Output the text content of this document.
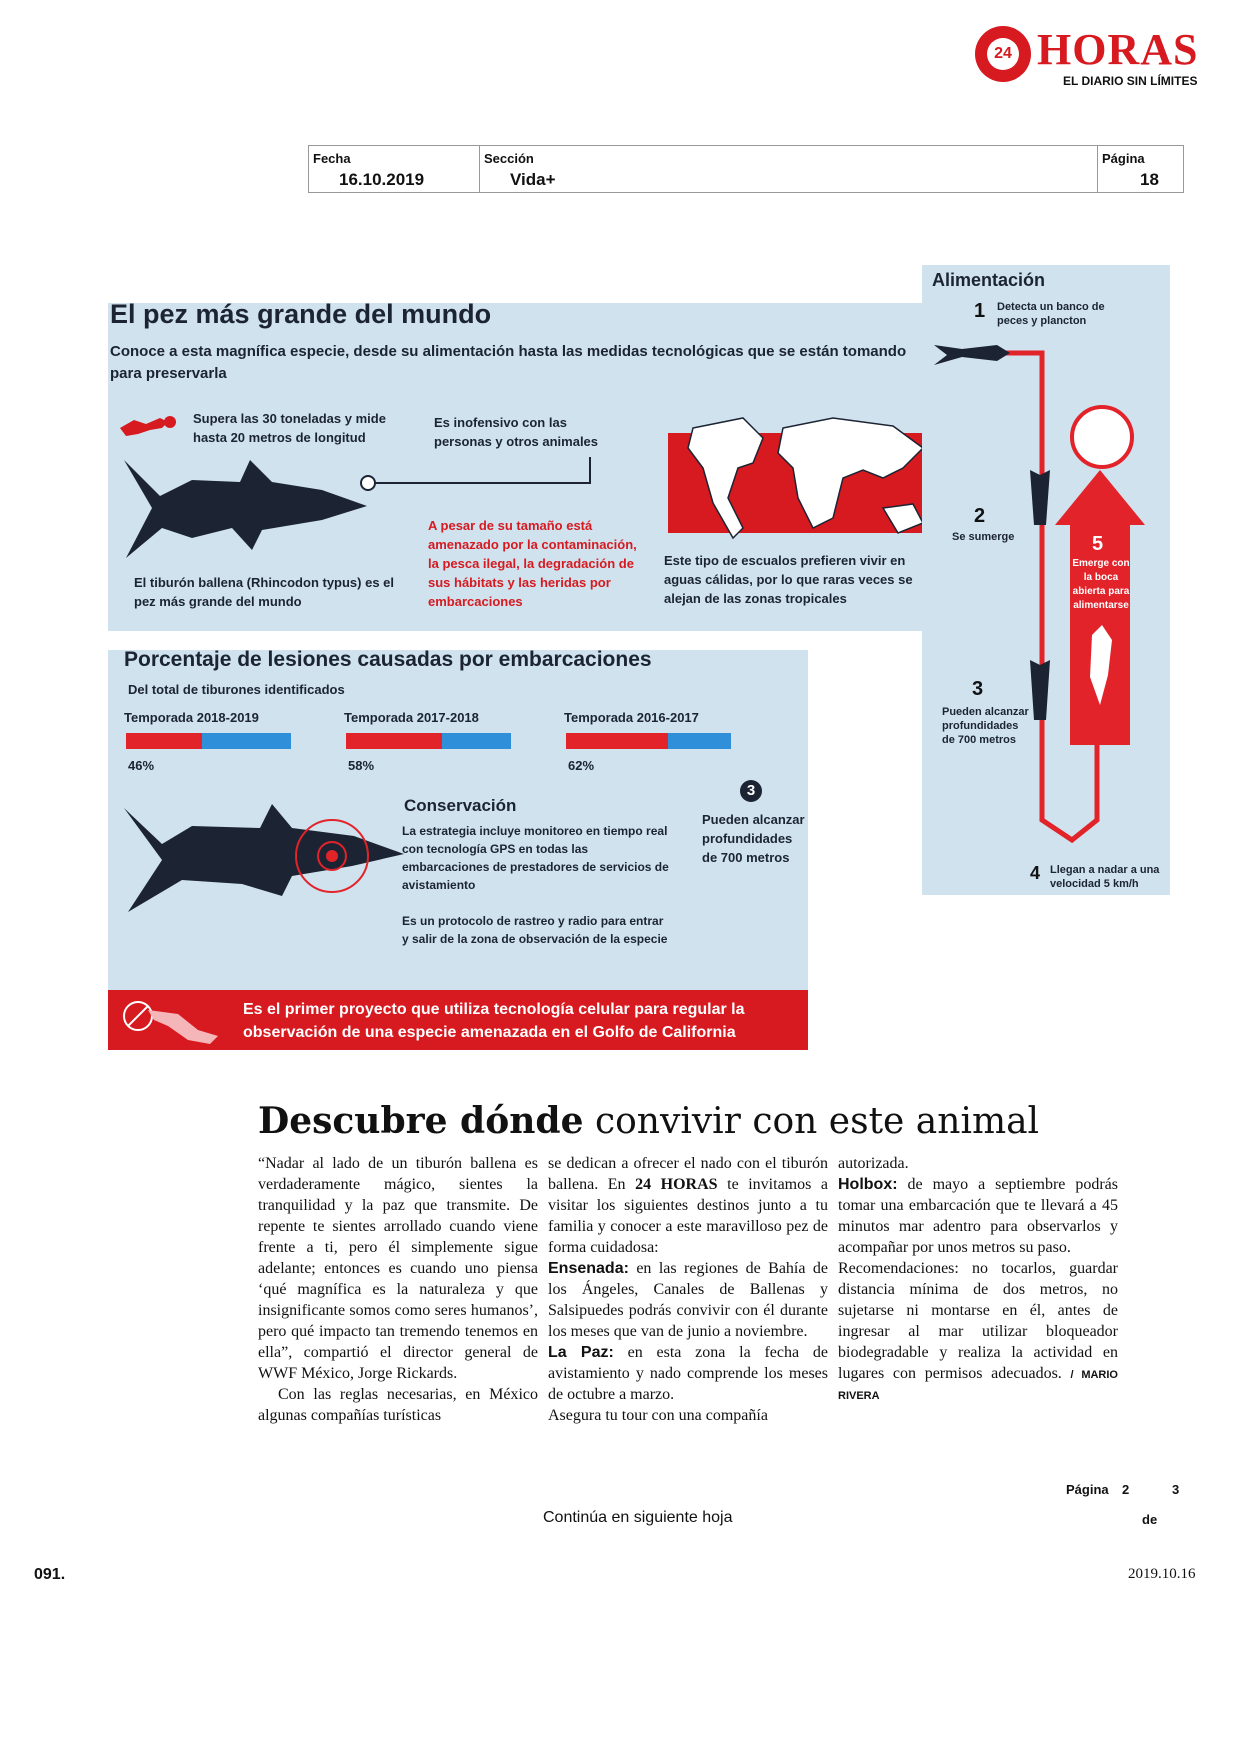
24 HORAS
EL DIARIO SIN LÍMITES
Fecha
16.10.2019
Sección
Vida+
Página
18
El pez más grande del mundo
Conoce a esta magnífica especie, desde su alimentación hasta las medidas tecnológicas que se están tomando para preservarla
Supera las 30 toneladas y mide hasta 20 metros de longitud
Es inofensivo con las personas y otros animales
A pesar de su tamaño está amenazado por la contaminación, la pesca ilegal, la degradación de sus hábitats y las heridas por embarcaciones
El tiburón ballena (Rhincodon typus) es el pez más grande del mundo
Este tipo de escualos prefieren vivir en aguas cálidas, por lo que raras veces se alejan de las zonas tropicales
Alimentación
1 Detecta un banco de peces y plancton
2
Se sumerge
3
Pueden alcanzar profundidades de 700 metros
4 Llegan a nadar a una velocidad 5 km/h
5
Emerge con la boca abierta para alimentarse
Porcentaje de lesiones causadas por embarcaciones
Del total de tiburones identificados
Temporada 2018-2019
46%
Temporada 2017-2018
58%
Temporada 2016-2017
62%
Conservación
La estrategia incluye monitoreo en tiempo real con tecnología GPS en todas las embarcaciones de prestadores de servicios de avistamiento
Es un protocolo de rastreo y radio para entrar y salir de la zona de observación de la especie
3
Pueden alcanzar profundidades de 700 metros
Es el primer proyecto que utiliza tecnología celular para regular la observación de una especie amenazada en el Golfo de California
Descubre dónde convivir con este animal

“Nadar al lado de un tiburón ballena es verdaderamente mágico, sientes la tranquilidad y la paz que transmite. De repente te sientes arrollado cuando viene frente a ti, pero él simplemente sigue adelante; entonces es cuando uno piensa ‘qué magnífica es la naturaleza y que insignificante somos como seres humanos’, pero qué impacto tan tremendo tenemos en ella”, compartió el director general de WWF México, Jorge Rickards.

Con las reglas necesarias, en México algunas compañías turísticas

se dedican a ofrecer el nado con el tiburón ballena. En 24 HORAS te invitamos a visitar los siguientes destinos junto a tu familia y conocer a este maravilloso pez de forma cuidadosa:

Ensenada: en las regiones de Bahía de los Ángeles, Canales de Ballenas y Salsipuedes podrás convivir con él durante los meses que van de junio a noviembre.

La Paz: en esta zona la fecha de avistamiento y nado comprende los meses de octubre a marzo.

Asegura tu tour con una compañía

autorizada.

Holbox: de mayo a septiembre podrás tomar una embarcación que te llevará a 45 minutos mar adentro para observarlos y acompañar por unos metros su paso.

Recomendaciones: no tocarlos, guardar distancia mínima de dos metros, no sujetarse ni montarse en él, antes de ingresar al mar utilizar bloqueador biodegradable y realiza la actividad en lugares con permisos adecuados. / MARIO RIVERA

Página 2	3
de
Continúa en siguiente hoja
091.	2019.10.16
